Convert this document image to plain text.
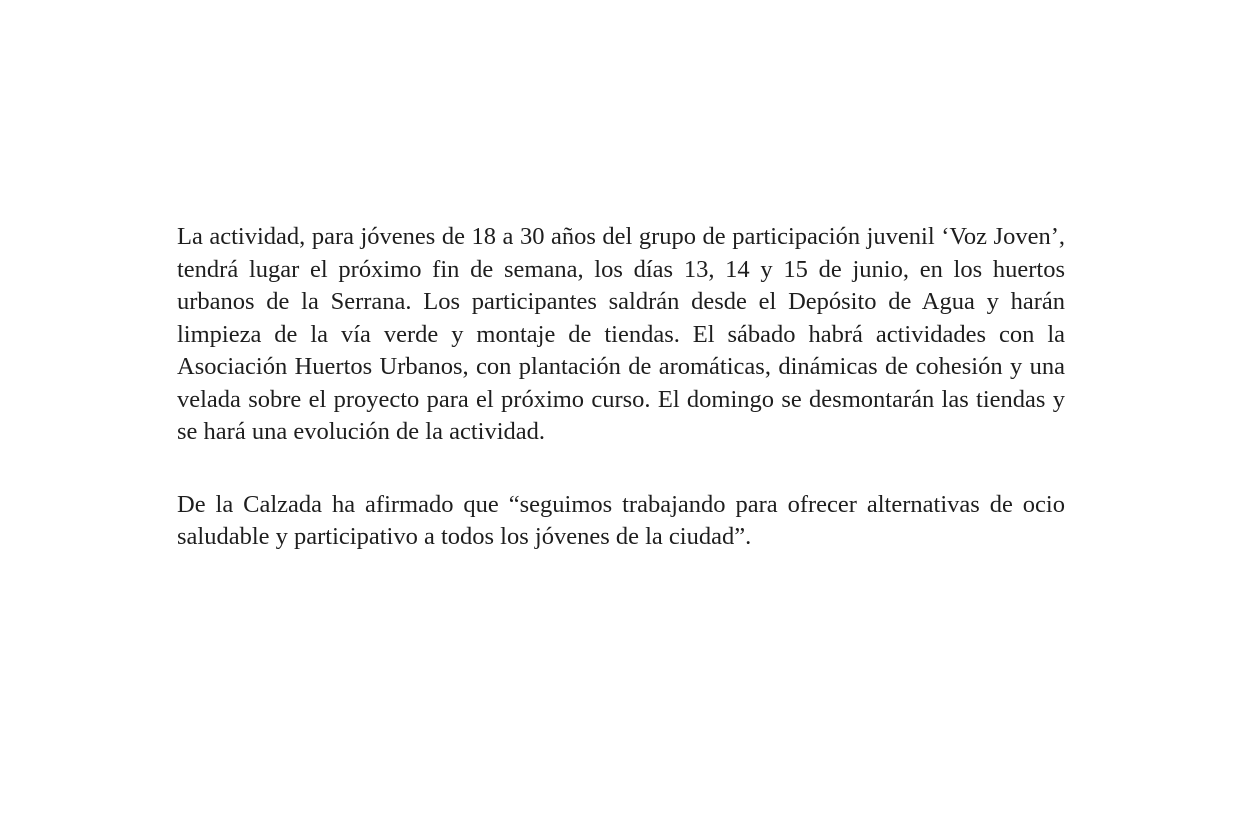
La actividad, para jóvenes de 18 a 30 años del grupo de participación juvenil ‘Voz Joven’, tendrá lugar el próximo fin de semana, los días 13, 14 y 15 de junio, en los huertos urbanos de la Serrana. Los participantes saldrán desde el Depósito de Agua y harán limpieza de la vía verde y montaje de tiendas. El sábado habrá actividades con la Asociación Huertos Urbanos, con plantación de aromáticas, dinámicas de cohesión y una velada sobre el proyecto para el próximo curso. El domingo se desmontarán las tiendas y se hará una evolución de la actividad.

De la Calzada ha afirmado que “seguimos trabajando para ofrecer alternativas de ocio saludable y participativo a todos los jóvenes de la ciudad”.
